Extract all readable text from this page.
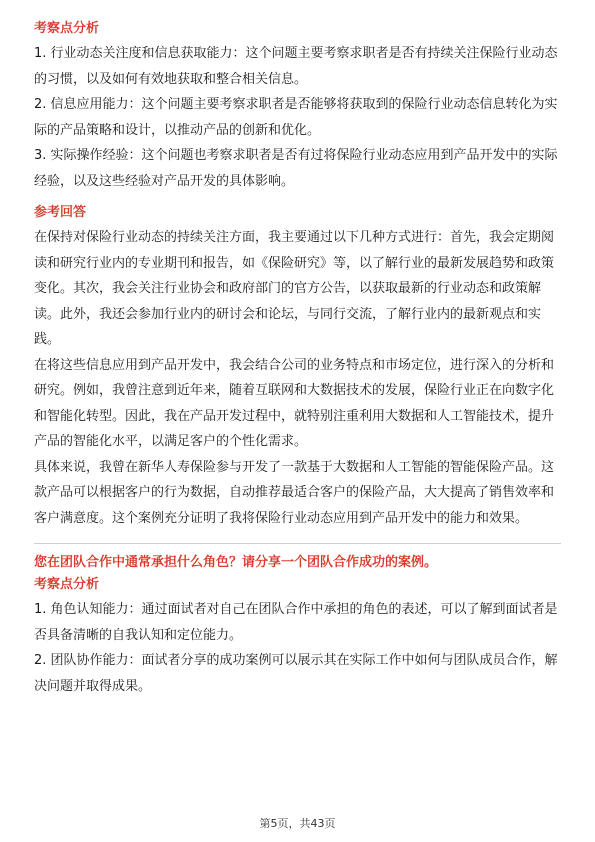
考察点分析

1. 行业动态关注度和信息获取能力：这个问题主要考察求职者是否有持续关注保险行业动态的习惯，以及如何有效地获取和整合相关信息。

2. 信息应用能力：这个问题主要考察求职者是否能够将获取到的保险行业动态信息转化为实际的产品策略和设计，以推动产品的创新和优化。

3. 实际操作经验：这个问题也考察求职者是否有过将保险行业动态应用到产品开发中的实际经验，以及这些经验对产品开发的具体影响。

参考回答

在保持对保险行业动态的持续关注方面，我主要通过以下几种方式进行：首先，我会定期阅读和研究行业内的专业期刊和报告，如《保险研究》等，以了解行业的最新发展趋势和政策变化。其次，我会关注行业协会和政府部门的官方公告，以获取最新的行业动态和政策解读。此外，我还会参加行业内的研讨会和论坛，与同行交流，了解行业内的最新观点和实践。

在将这些信息应用到产品开发中，我会结合公司的业务特点和市场定位，进行深入的分析和研究。例如，我曾注意到近年来，随着互联网和大数据技术的发展，保险行业正在向数字化和智能化转型。因此，我在产品开发过程中，就特别注重利用大数据和人工智能技术，提升产品的智能化水平，以满足客户的个性化需求。

具体来说，我曾在新华人寿保险参与开发了一款基于大数据和人工智能的智能保险产品。这款产品可以根据客户的行为数据，自动推荐最适合客户的保险产品，大大提高了销售效率和客户满意度。这个案例充分证明了我将保险行业动态应用到产品开发中的能力和效果。

您在团队合作中通常承担什么角色？请分享一个团队合作成功的案例。
考察点分析

1. 角色认知能力：通过面试者对自己在团队合作中承担的角色的表述，可以了解到面试者是否具备清晰的自我认知和定位能力。

2. 团队协作能力：面试者分享的成功案例可以展示其在实际工作中如何与团队成员合作，解决问题并取得成果。

第5页，共43页
